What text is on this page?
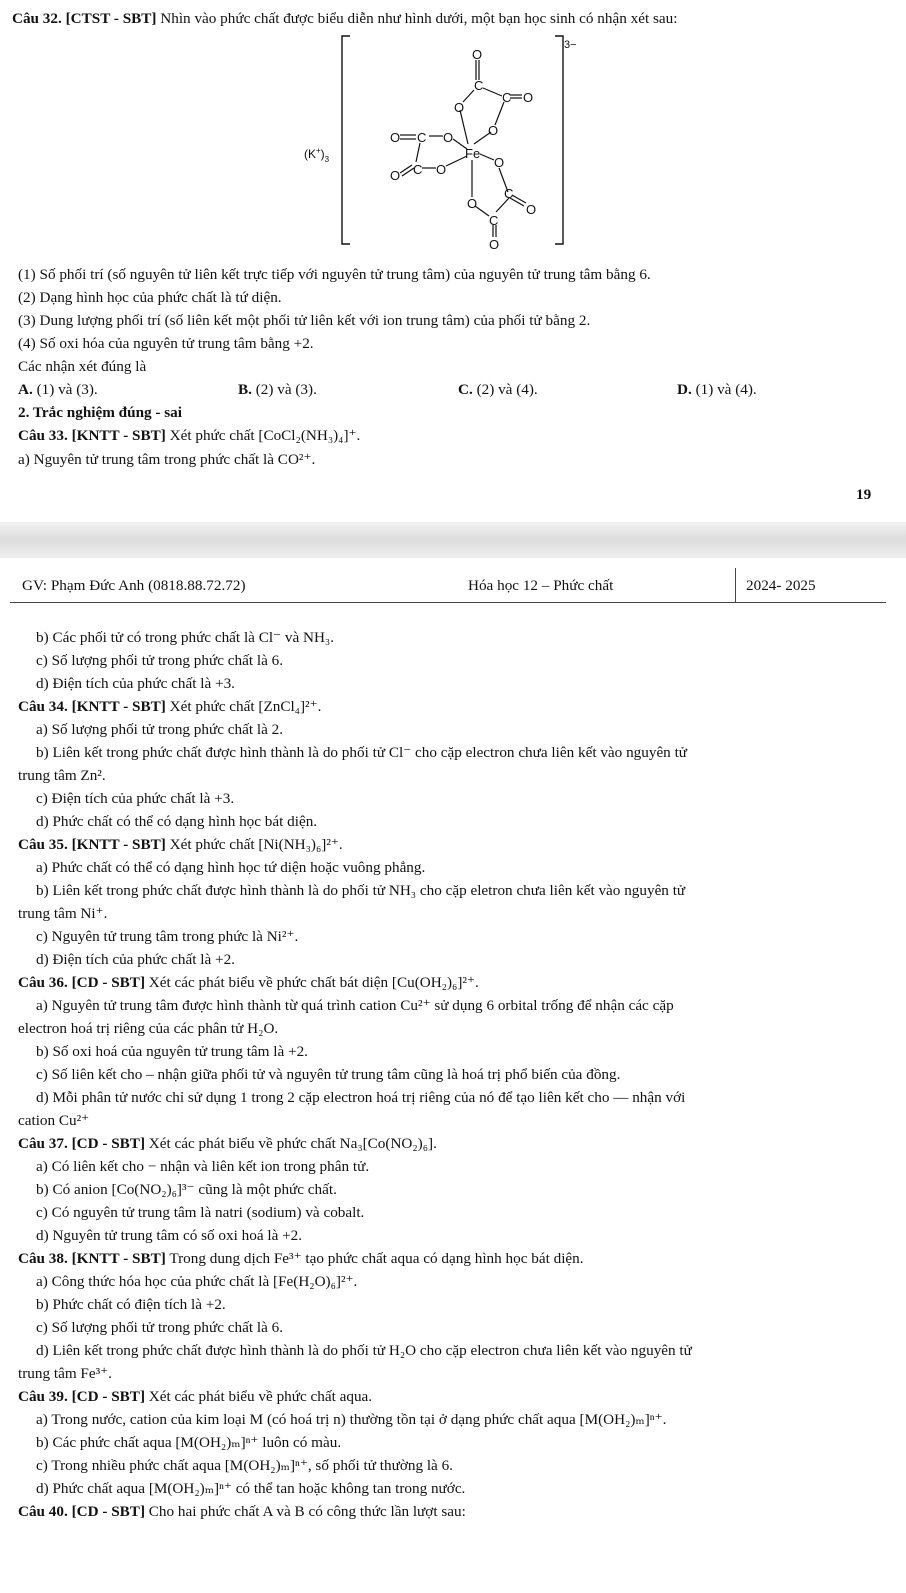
Câu 32. [CTST - SBT] Nhìn vào phức chất được biểu diễn như hình dưới, một bạn học sinh có nhận xét sau:
3−
$(K^+)_3$
O
C
O
C O
O
O C O
Fe
O
O C O
C
O
O
C
O
(1) Số phối trí (số nguyên tử liên kết trực tiếp với nguyên tử trung tâm) của nguyên tử trung tâm bằng 6.
(2) Dạng hình học của phức chất là tứ diện.
(3) Dung lượng phối trí (số liên kết một phối tử liên kết với ion trung tâm) của phối tử bằng 2.
(4) Số oxi hóa của nguyên tử trung tâm bằng +2.
Các nhận xét đúng là
A. (1) và (3).	B. (2) và (3).	C. (2) và (4).	D. (1) và (4).
2. Trắc nghiệm đúng - sai
Câu 33. [KNTT - SBT] Xét phức chất [CoCl₂(NH₃)₄]⁺.
a) Nguyên tử trung tâm trong phức chất là CO²⁺.
19
GV: Phạm Đức Anh (0818.88.72.72)	Hóa học 12 – Phức chất	2024- 2025
b) Các phối tử có trong phức chất là Cl⁻ và NH₃.
c) Số lượng phối tử trong phức chất là 6.
d) Điện tích của phức chất là +3.
Câu 34. [KNTT - SBT] Xét phức chất [ZnCl₄]²⁺.
a) Số lượng phối tử trong phức chất là 2.
b) Liên kết trong phức chất được hình thành là do phối tử Cl⁻ cho cặp electron chưa liên kết vào nguyên tử
trung tâm Zn².
c) Điện tích của phức chất là +3.
d) Phức chất có thể có dạng hình học bát diện.
Câu 35. [KNTT - SBT] Xét phức chất [Ni(NH₃)₆]²⁺.
a) Phức chất có thể có dạng hình học tứ diện hoặc vuông phẳng.
b) Liên kết trong phức chất được hình thành là do phối tử NH₃ cho cặp eletron chưa liên kết vào nguyên tử
trung tâm Ni⁺.
c) Nguyên tử trung tâm trong phức là Ni²⁺.
d) Điện tích của phức chất là +2.
Câu 36. [CD - SBT] Xét các phát biểu về phức chất bát diện [Cu(OH₂)₆]²⁺.
a) Nguyên tử trung tâm được hình thành từ quá trình cation Cu²⁺ sử dụng 6 orbital trống để nhận các cặp
electron hoá trị riêng của các phân tử H₂O.
b) Số oxi hoá của nguyên tử trung tâm là +2.
c) Số liên kết cho – nhận giữa phối tử và nguyên tử trung tâm cũng là hoá trị phổ biến của đồng.
d) Mỗi phân tử nước chỉ sử dụng 1 trong 2 cặp electron hoá trị riêng của nó để tạo liên kết cho — nhận với
cation Cu²⁺
Câu 37. [CD - SBT] Xét các phát biểu về phức chất Na₃[Co(NO₂)₆].
a) Có liên kết cho − nhận và liên kết ion trong phân tử.
b) Có anion [Co(NO₂)₆]³⁻ cũng là một phức chất.
c) Có nguyên tử trung tâm là natri (sodium) và cobalt.
d) Nguyên tử trung tâm có số oxi hoá là +2.
Câu 38. [KNTT - SBT] Trong dung dịch Fe³⁺ tạo phức chất aqua có dạng hình học bát diện.
a) Công thức hóa học của phức chất là [Fe(H₂O)₆]²⁺.
b) Phức chất có điện tích là +2.
c) Số lượng phối tử trong phức chất là 6.
d) Liên kết trong phức chất được hình thành là do phối tử H₂O cho cặp electron chưa liên kết vào nguyên tử
trung tâm Fe³⁺.
Câu 39. [CD - SBT] Xét các phát biểu về phức chất aqua.
a) Trong nước, cation của kim loại M (có hoá trị n) thường tồn tại ở dạng phức chất aqua [M(OH₂)ₘ]ⁿ⁺.
b) Các phức chất aqua [M(OH₂)ₘ]ⁿ⁺ luôn có màu.
c) Trong nhiều phức chất aqua [M(OH₂)ₘ]ⁿ⁺, số phối tử thường là 6.
d) Phức chất aqua [M(OH₂)ₘ]ⁿ⁺ có thể tan hoặc không tan trong nước.
Câu 40. [CD - SBT] Cho hai phức chất A và B có công thức lần lượt sau:
